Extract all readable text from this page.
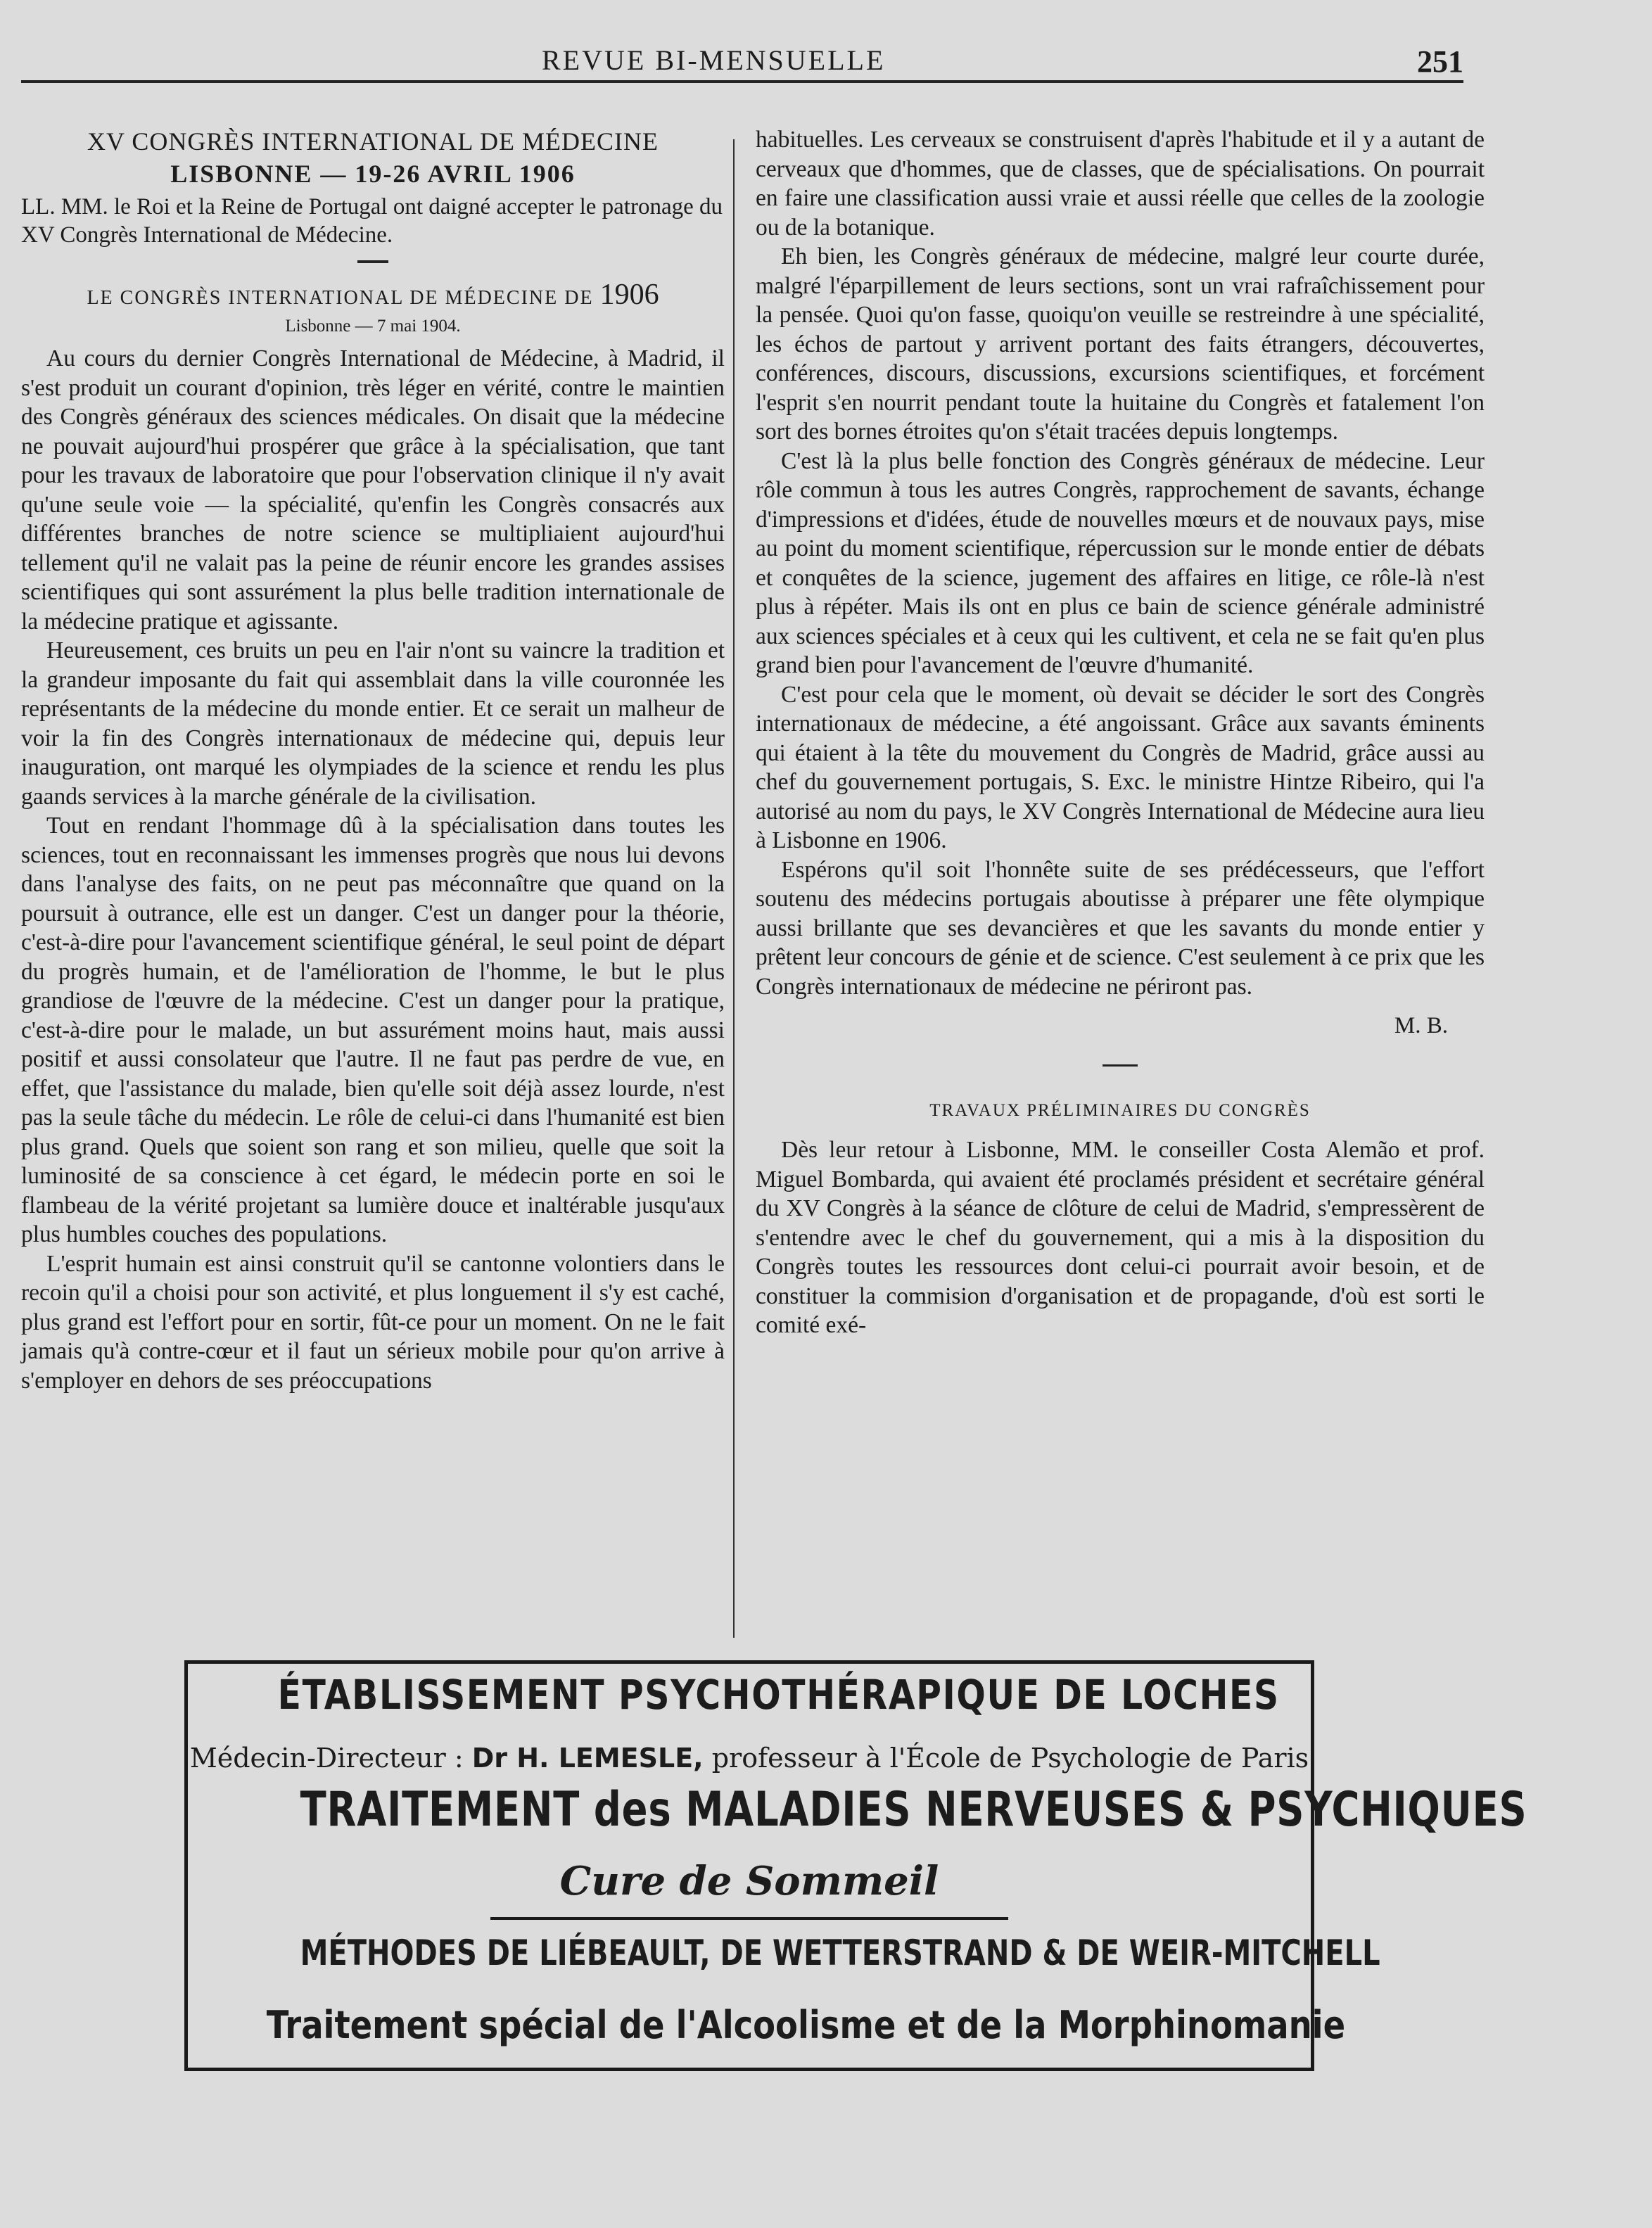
REVUE BI-MENSUELLE	251
XV CONGRÈS INTERNATIONAL DE MÉDECINE
LISBONNE — 19-26 AVRIL 1906
LL. MM. le Roi et la Reine de Portugal ont daigné accepter le patronage du XV Congrès International de Médecine.
LE CONGRÈS INTERNATIONAL DE MÉDECINE DE 1906
Lisbonne — 7 mai 1904.

Au cours du dernier Congrès International de Médecine, à Madrid, il s'est produit un courant d'opinion, très léger en vérité, contre le maintien des Congrès généraux des sciences médicales. On disait que la médecine ne pouvait aujourd'hui prospérer que grâce à la spécialisation, que tant pour les travaux de laboratoire que pour l'observation clinique il n'y avait qu'une seule voie — la spécialité, qu'enfin les Congrès consacrés aux différentes branches de notre science se multipliaient aujourd'hui tellement qu'il ne valait pas la peine de réunir encore les grandes assises scientifiques qui sont assurément la plus belle tradition internationale de la médecine pratique et agissante.

Heureusement, ces bruits un peu en l'air n'ont su vaincre la tradition et la grandeur imposante du fait qui assemblait dans la ville couronnée les représentants de la médecine du monde entier. Et ce serait un malheur de voir la fin des Congrès internationaux de médecine qui, depuis leur inauguration, ont marqué les olympiades de la science et rendu les plus gaands services à la marche générale de la civilisation.

Tout en rendant l'hommage dû à la spécialisation dans toutes les sciences, tout en reconnaissant les immenses progrès que nous lui devons dans l'analyse des faits, on ne peut pas méconnaître que quand on la poursuit à outrance, elle est un danger. C'est un danger pour la théorie, c'est-à-dire pour l'avancement scientifique général, le seul point de départ du progrès humain, et de l'amélioration de l'homme, le but le plus grandiose de l'œuvre de la médecine. C'est un danger pour la pratique, c'est-à-dire pour le malade, un but assurément moins haut, mais aussi positif et aussi consolateur que l'autre. Il ne faut pas perdre de vue, en effet, que l'assistance du malade, bien qu'elle soit déjà assez lourde, n'est pas la seule tâche du médecin. Le rôle de celui-ci dans l'humanité est bien plus grand. Quels que soient son rang et son milieu, quelle que soit la luminosité de sa conscience à cet égard, le médecin porte en soi le flambeau de la vérité projetant sa lumière douce et inaltérable jusqu'aux plus humbles couches des populations.

L'esprit humain est ainsi construit qu'il se cantonne volontiers dans le recoin qu'il a choisi pour son activité, et plus longuement il s'y est caché, plus grand est l'effort pour en sortir, fût-ce pour un moment. On ne le fait jamais qu'à contre-cœur et il faut un sérieux mobile pour qu'on arrive à s'employer en dehors de ses préoccupations

habituelles. Les cerveaux se construisent d'après l'habitude et il y a autant de cerveaux que d'hommes, que de classes, que de spécialisations. On pourrait en faire une classification aussi vraie et aussi réelle que celles de la zoologie ou de la botanique.

Eh bien, les Congrès généraux de médecine, malgré leur courte durée, malgré l'éparpillement de leurs sections, sont un vrai rafraîchissement pour la pensée. Quoi qu'on fasse, quoiqu'on veuille se restreindre à une spécialité, les échos de partout y arrivent portant des faits étrangers, découvertes, conférences, discours, discussions, excursions scientifiques, et forcément l'esprit s'en nourrit pendant toute la huitaine du Congrès et fatalement l'on sort des bornes étroites qu'on s'était tracées depuis longtemps.

C'est là la plus belle fonction des Congrès généraux de médecine. Leur rôle commun à tous les autres Congrès, rapprochement de savants, échange d'impressions et d'idées, étude de nouvelles mœurs et de nouvaux pays, mise au point du moment scientifique, répercussion sur le monde entier de débats et conquêtes de la science, jugement des affaires en litige, ce rôle-là n'est plus à répéter. Mais ils ont en plus ce bain de science générale administré aux sciences spéciales et à ceux qui les cultivent, et cela ne se fait qu'en plus grand bien pour l'avancement de l'œuvre d'humanité.

C'est pour cela que le moment, où devait se décider le sort des Congrès internationaux de médecine, a été angoissant. Grâce aux savants éminents qui étaient à la tête du mouvement du Congrès de Madrid, grâce aussi au chef du gouvernement portugais, S. Exc. le ministre Hintze Ribeiro, qui l'a autorisé au nom du pays, le XV Congrès International de Médecine aura lieu à Lisbonne en 1906.

Espérons qu'il soit l'honnête suite de ses prédécesseurs, que l'effort soutenu des médecins portugais aboutisse à préparer une fête olympique aussi brillante que ses devancières et que les savants du monde entier y prêtent leur concours de génie et de science. C'est seulement à ce prix que les Congrès internationaux de médecine ne périront pas.

M. B.
TRAVAUX PRÉLIMINAIRES DU CONGRÈS

Dès leur retour à Lisbonne, MM. le conseiller Costa Alemão et prof. Miguel Bombarda, qui avaient été proclamés président et secrétaire général du XV Congrès à la séance de clôture de celui de Madrid, s'empressèrent de s'entendre avec le chef du gouvernement, qui a mis à la disposition du Congrès toutes les ressources dont celui-ci pourrait avoir besoin, et de constituer la commision d'organisation et de propagande, d'où est sorti le comité exé-

ÉTABLISSEMENT PSYCHOTHÉRAPIQUE DE LOCHES
Médecin-Directeur : Dr H. LEMESLE, professeur à l'École de Psychologie de Paris
TRAITEMENT des MALADIES NERVEUSES & PSYCHIQUES
Cure de Sommeil
MÉTHODES DE LIÉBEAULT, DE WETTERSTRAND & DE WEIR-MITCHELL
Traitement spécial de l'Alcoolisme et de la Morphinomanie
